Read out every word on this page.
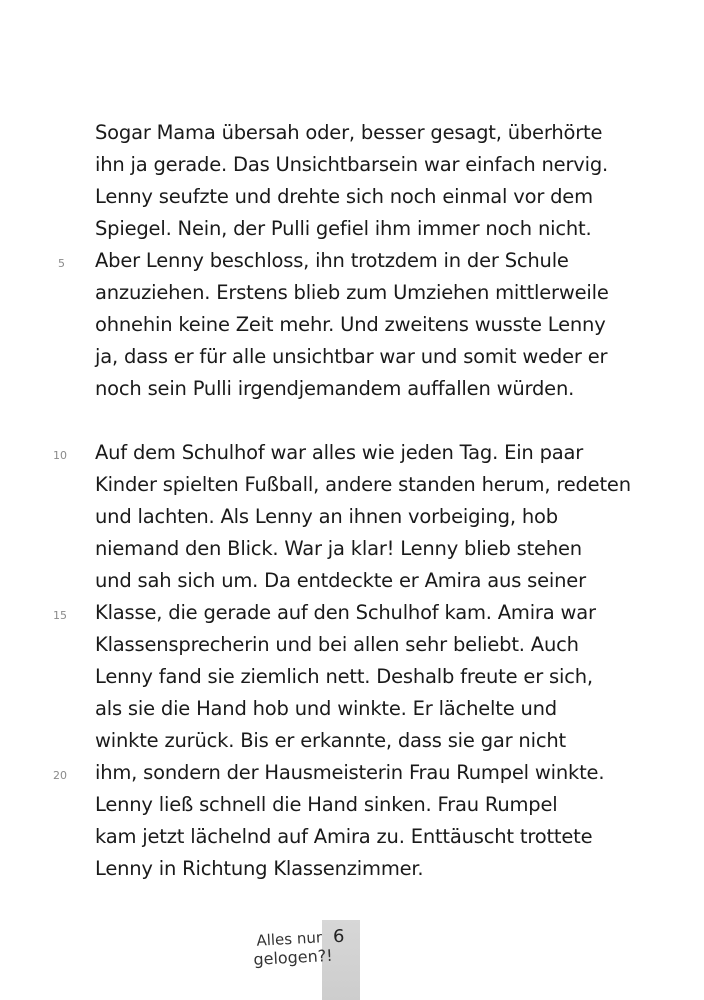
Sogar Mama übersah oder, besser gesagt, überhörte
ihn ja gerade. Das Unsichtbarsein war einfach nervig.
Lenny seufzte und drehte sich noch einmal vor dem
Spiegel. Nein, der Pulli gefiel ihm immer noch nicht.
Aber Lenny beschloss, ihn trotzdem in der Schule
anzuziehen. Erstens blieb zum Umziehen mittlerweile
ohnehin keine Zeit mehr. Und zweitens wusste Lenny
ja, dass er für alle unsichtbar war und somit weder er
noch sein Pulli irgendjemandem auffallen würden.
Auf dem Schulhof war alles wie jeden Tag. Ein paar
Kinder spielten Fußball, andere standen herum, redeten
und lachten. Als Lenny an ihnen vorbeiging, hob
niemand den Blick. War ja klar! Lenny blieb stehen
und sah sich um. Da entdeckte er Amira aus seiner
Klasse, die gerade auf den Schulhof kam. Amira war
Klassensprecherin und bei allen sehr beliebt. Auch
Lenny fand sie ziemlich nett. Deshalb freute er sich,
als sie die Hand hob und winkte. Er lächelte und
winkte zurück. Bis er erkannte, dass sie gar nicht
ihm, sondern der Hausmeisterin Frau Rumpel winkte.
Lenny ließ schnell die Hand sinken. Frau Rumpel
kam jetzt lächelnd auf Amira zu. Enttäuscht trottete
Lenny in Richtung Klassenzimmer.
5
10
15
20
6
Alles nur
gelogen?!
